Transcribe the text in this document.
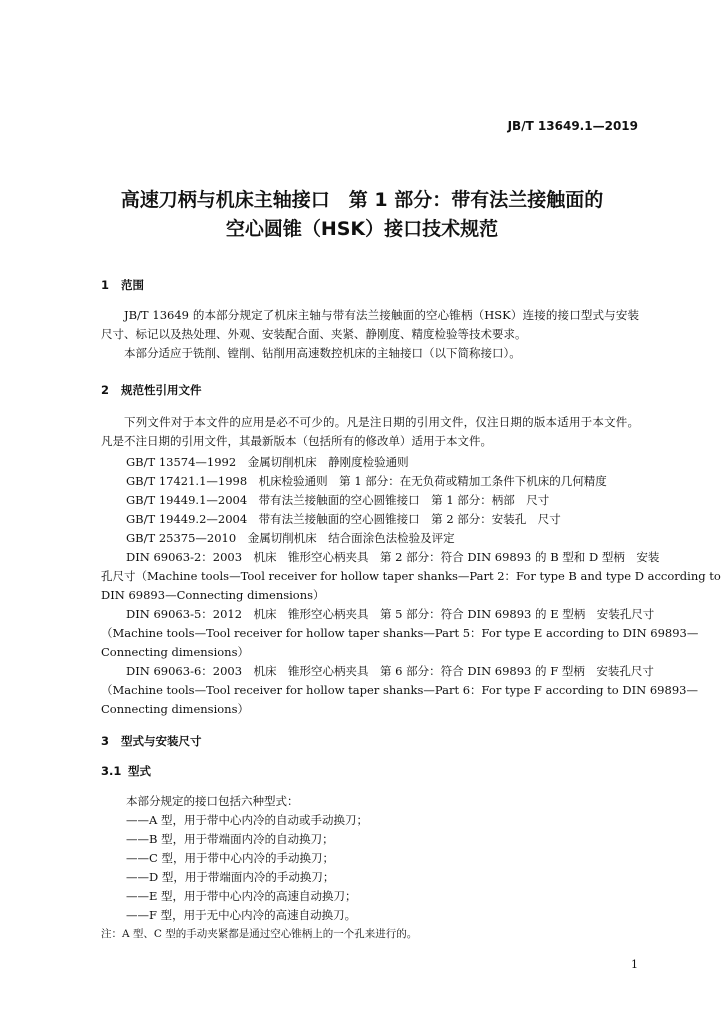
JB/T 13649.1—2019
高速刀柄与机床主轴接口　第 1 部分：带有法兰接触面的
空心圆锥（HSK）接口技术规范
1 范围

JB/T 13649 的本部分规定了机床主轴与带有法兰接触面的空心锥柄（HSK）连接的接口型式与安装尺寸、标记以及热处理、外观、安装配合面、夹紧、静刚度、精度检验等技术要求。

本部分适应于铣削、镗削、钻削用高速数控机床的主轴接口（以下简称接口）。

2 规范性引用文件

下列文件对于本文件的应用是必不可少的。凡是注日期的引用文件，仅注日期的版本适用于本文件。凡是不注日期的引用文件，其最新版本（包括所有的修改单）适用于本文件。

GB/T 13574—1992　金属切削机床　静刚度检验通则
GB/T 17421.1—1998　机床检验通则　第 1 部分：在无负荷或精加工条件下机床的几何精度
GB/T 19449.1—2004　带有法兰接触面的空心圆锥接口　第 1 部分：柄部　尺寸
GB/T 19449.2—2004　带有法兰接触面的空心圆锥接口　第 2 部分：安装孔　尺寸
GB/T 25375—2010　金属切削机床　结合面涂色法检验及评定
DIN 69063-2：2003　机床　锥形空心柄夹具　第 2 部分：符合 DIN 69893 的 B 型和 D 型柄　安装
孔尺寸（Machine tools—Tool receiver for hollow taper shanks—Part 2：For type B and type D according to
DIN 69893—Connecting dimensions）
DIN 69063-5：2012　机床　锥形空心柄夹具　第 5 部分：符合 DIN 69893 的 E 型柄　安装孔尺寸
（Machine tools—Tool receiver for hollow taper shanks—Part 5：For type E according to DIN 69893—
Connecting dimensions）
DIN 69063-6：2003　机床　锥形空心柄夹具　第 6 部分：符合 DIN 69893 的 F 型柄　安装孔尺寸
（Machine tools—Tool receiver for hollow taper shanks—Part 6：For type F according to DIN 69893—
Connecting dimensions）
3 型式与安装尺寸
3.1 型式
本部分规定的接口包括六种型式：
——A 型，用于带中心内冷的自动或手动换刀；
——B 型，用于带端面内冷的自动换刀；
——C 型，用于带中心内冷的手动换刀；
——D 型，用于带端面内冷的手动换刀；
——E 型，用于带中心内冷的高速自动换刀；
注：A 型、C 型的手动夹紧都是通过空心锥柄上的一个孔来进行的。
1
——F 型，用于无中心内冷的高速自动换刀。
